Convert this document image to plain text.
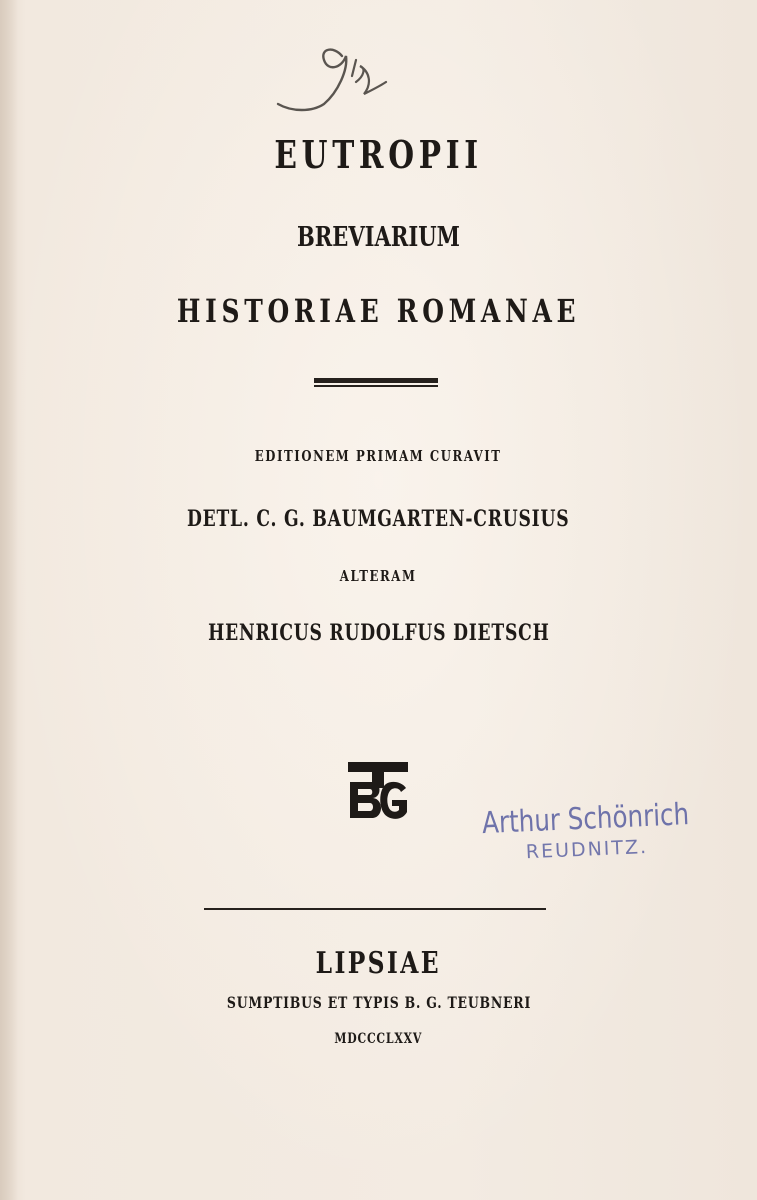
EUTROPII
BREVIARIUM
HISTORIAE ROMANAE
EDITIONEM PRIMAM CURAVIT
DETL. C. G. BAUMGARTEN-CRUSIUS
ALTERAM
HENRICUS RUDOLFUS DIETSCH
Arthur Schönrich
REUDNITZ.
LIPSIAE
SUMPTIBUS ET TYPIS B. G. TEUBNERI
MDCCCLXXV
